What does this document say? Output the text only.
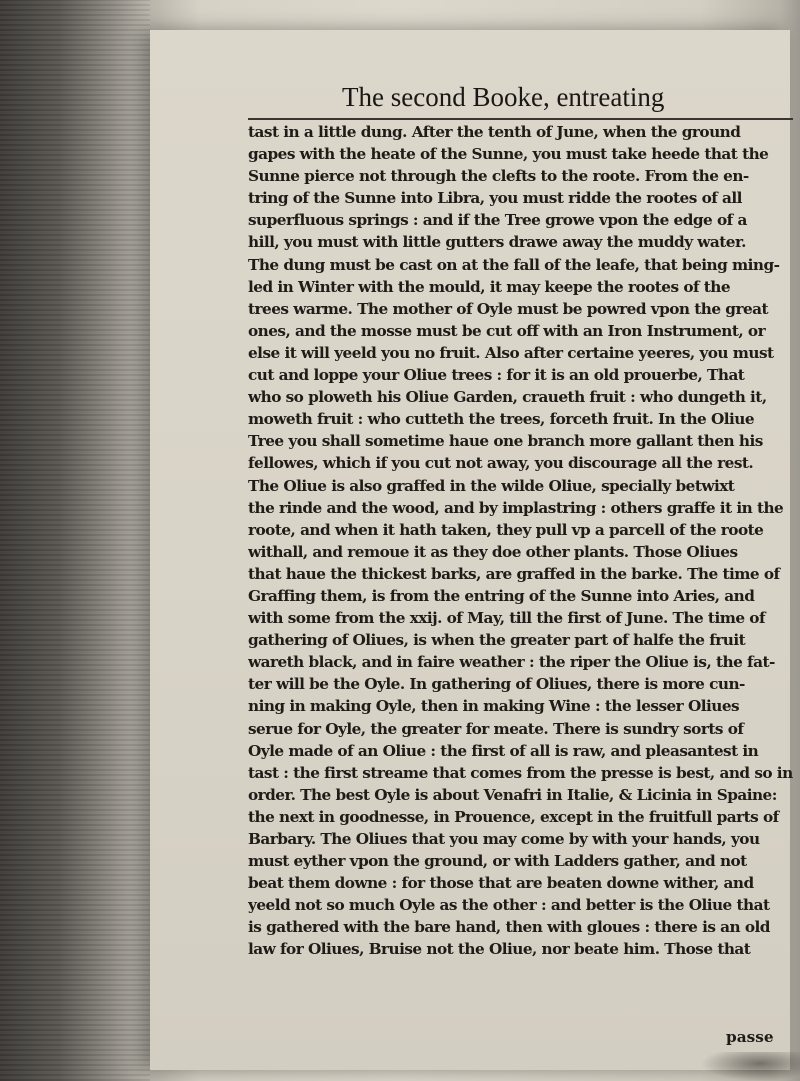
The second Booke, entreating
tast in a little dung. After the tenth of June, when the ground
gapes with the heate of the Sunne, you must take heede that the
Sunne pierce not through the clefts to the roote. From the en-
tring of the Sunne into Libra, you must ridde the rootes of all
superfluous springs : and if the Tree growe vpon the edge of a
hill, you must with little gutters drawe away the muddy water.
The dung must be cast on at the fall of the leafe, that being ming-
led in Winter with the mould, it may keepe the rootes of the
trees warme. The mother of Oyle must be powred vpon the great
ones, and the mosse must be cut off with an Iron Instrument, or
else it will yeeld you no fruit. Also after certaine yeeres, you must
cut and loppe your Oliue trees : for it is an old prouerbe, That
who so ploweth his Oliue Garden, craueth fruit : who dungeth it,
moweth fruit : who cutteth the trees, forceth fruit. In the Oliue
Tree you shall sometime haue one branch more gallant then his
fellowes, which if you cut not away, you discourage all the rest.
The Oliue is also graffed in the wilde Oliue, specially betwixt
the rinde and the wood, and by implastring : others graffe it in the
roote, and when it hath taken, they pull vp a parcell of the roote
withall, and remoue it as they doe other plants. Those Oliues
that haue the thickest barks, are graffed in the barke. The time of
Graffing them, is from the entring of the Sunne into Aries, and
with some from the xxij. of May, till the first of June. The time of
gathering of Oliues, is when the greater part of halfe the fruit
wareth black, and in faire weather : the riper the Oliue is, the fat-
ter will be the Oyle. In gathering of Oliues, there is more cun-
ning in making Oyle, then in making Wine : the lesser Oliues
serue for Oyle, the greater for meate. There is sundry sorts of
Oyle made of an Oliue : the first of all is raw, and pleasantest in
tast : the first streame that comes from the presse is best, and so in
order. The best Oyle is about Venafri in Italie, & Licinia in Spaine:
the next in goodnesse, in Prouence, except in the fruitfull parts of
Barbary. The Oliues that you may come by with your hands, you
must eyther vpon the ground, or with Ladders gather, and not
beat them downe : for those that are beaten downe wither, and
yeeld not so much Oyle as the other : and better is the Oliue that
is gathered with the bare hand, then with gloues : there is an old
law for Oliues, Bruise not the Oliue, nor beate him. Those that
passe
